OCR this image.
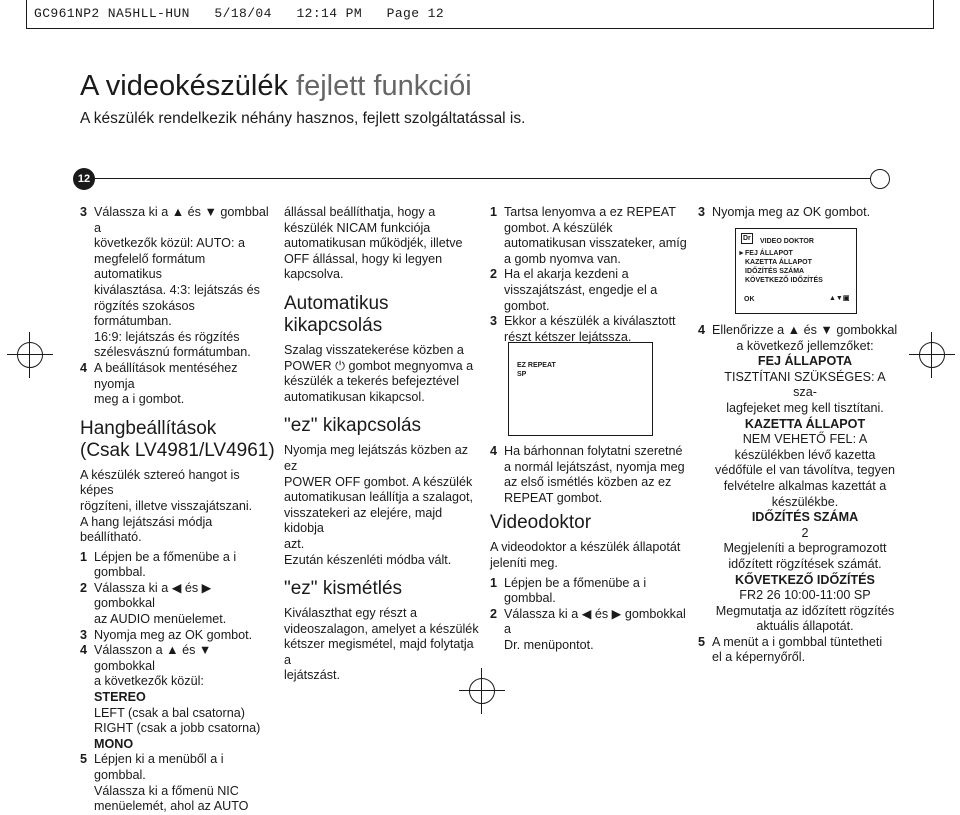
GC961NP2 NA5HLL-HUN   5/18/04   12:14 PM   Page 12
A videokészülék fejlett funkciói
A készülék rendelkezik néhány hasznos, fejlett szolgáltatással is.
12
3 Válassza ki a ▲ és ▼ gombbal a
következők közül: AUTO: a
megfelelő formátum automatikus
kiválasztása. 4:3: lejátszás és
rögzítés szokásos formátumban.
16:9: lejátszás és rögzítés
szélesvásznú formátumban.
4 A beállítások mentéséhez nyomja
meg a i gombot.
Hangbeállítások
(Csak LV4981/LV4961)

A készülék sztereó hangot is képes
rögzíteni, illetve visszajátszani.
A hang lejátszási módja beállítható.

1 Lépjen be a főmenübe a i
gombbal.
2 Válassza ki a ◀ és ▶ gombokkal
az AUDIO menüelemet.
3 Nyomja meg az OK gombot.
4 Válasszon a ▲ és ▼ gombokkal
a következők közül:
STEREO
LEFT (csak a bal csatorna)
RIGHT (csak a jobb csatorna)
MONO
5 Lépjen ki a menüből a i
gombbal.
Válassza ki a főmenü NIC
menüelemét, ahol az AUTO

állással beállíthatja, hogy a
készülék NICAM funkciója
automatikusan működjék, illetve
OFF állással, hogy ki legyen
kapcsolva.

Automatikus kikapcsolás

Szalag visszatekerése közben a
POWER ⏻ gombot megnyomva a
készülék a tekerés befejeztével
automatikusan kikapcsol.

"ez" kikapcsolás

Nyomja meg lejátszás közben az ez
POWER OFF gombot. A készülék
automatikusan leállítja a szalagot,
visszatekeri az elejére, majd kidobja
azt.
Ezután készenléti módba vált.

"ez" kismétlés

Kiválaszthat egy részt a
videoszalagon, amelyet a készülék
kétszer megismétel, majd folytatja a
lejátszást.

1 Tartsa lenyomva a ez REPEAT
gombot. A készülék
automatikusan visszateker, amíg
a gomb nyomva van.
2 Ha el akarja kezdeni a
visszajátszást, engedje el a
gombot.
3 Ekkor a készülék a kiválasztott
részt kétszer lejátssza.
EZ REPEAT
SP
4 Ha bárhonnan folytatni szeretné
a normál lejátszást, nyomja meg
az első ismétlés közben az ez
REPEAT gombot.
Videodoktor

A videodoktor a készülék állapotát
jeleníti meg.

1 Lépjen be a főmenübe a i
gombbal.
2 Válassza ki a ◀ és ▶ gombokkal a
Dr. menüpontot.
3 Nyomja meg az OK gombot.
Dr VIDEO DOKTOR
► FEJ ÁLLAPOT
KAZETTA ÁLLAPOT
IDŐZÍTÉS SZÁMA
KÖVETKEZŐ IDŐZÍTÉS
OK	▲▼▣
4 Ellenőrizze a ▲ és ▼ gombokkal

a következő jellemzőket:
FEJ ÁLLAPOTA
TISZTÍTANI SZÜKSÉGES: A sza-
lagfejeket meg kell tisztítani.
KAZETTA ÁLLAPOT
NEM VEHETŐ FEL: A
készülékben lévő kazetta
védőfüle el van távolítva, tegyen
felvételre alkalmas kazettát a
készülékbe.
IDŐZÍTÉS SZÁMA
2
Megjeleníti a beprogramozott
időzített rögzítések számát.
KŐVETKEZŐ IDŐZÍTÉS
FR2 26 10:00-11:00 SP
Megmutatja az időzített rögzítés
aktuális állapotát.
5 A menüt a i gombbal tüntetheti
el a képernyőről.
